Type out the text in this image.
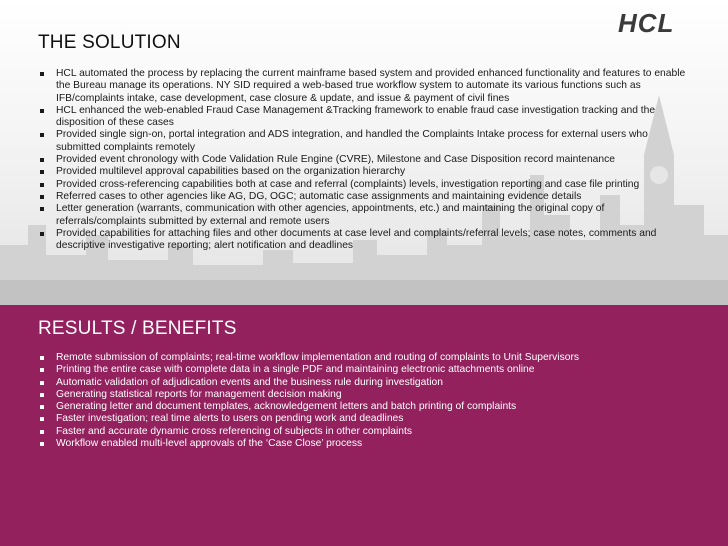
HCL
THE SOLUTION
HCL automated the process by replacing the current mainframe based system and provided enhanced functionality and features to enable the Bureau manage its operations. NY SID required a web-based true workflow system to automate its various functions such as IFB/complaints intake, case development, case closure & update, and issue & payment of civil fines
HCL enhanced the web-enabled Fraud Case Management &Tracking framework to enable fraud case investigation tracking and the disposition of these cases
Provided single sign-on, portal integration and ADS integration, and handled the Complaints Intake process for external users who submitted complaints remotely
Provided event chronology with Code Validation Rule Engine (CVRE), Milestone and Case Disposition record maintenance
Provided multilevel approval capabilities based on the organization hierarchy
Provided cross-referencing capabilities both at case and referral (complaints) levels, investigation reporting and case file printing
Referred cases to other agencies like AG, DG, OGC; automatic case assignments and maintaining evidence details
Letter generation (warrants, communication with other agencies, appointments, etc.) and maintaining the original copy of referrals/complaints submitted by external and remote users
Provided capabilities for attaching files and other documents at case level and complaints/referral levels; case notes, comments and descriptive investigative reporting; alert notification and deadlines
RESULTS / BENEFITS
Remote submission of complaints; real-time workflow implementation and routing of complaints to Unit Supervisors
Printing the entire case with complete data in a single PDF and maintaining electronic attachments online
Automatic validation of adjudication events and the business rule during investigation
Generating statistical reports for management decision making
Generating letter and document templates, acknowledgement letters and batch printing of complaints
Faster investigation; real time alerts to users on pending work and deadlines
Faster and accurate dynamic cross referencing of subjects in other complaints
Workflow enabled multi-level approvals of the ‘Case Close’ process
